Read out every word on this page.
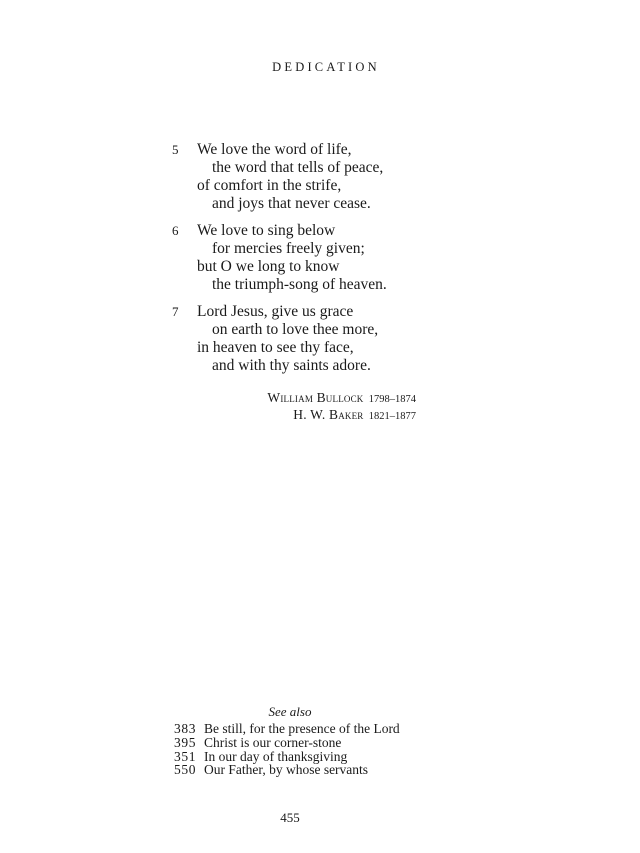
DEDICATION
5	We love the word of life,
the word that tells of peace,
of comfort in the strife,
and joys that never cease.
6	We love to sing below
for mercies freely given;
but O we long to know
the triumph-song of heaven.
7	Lord Jesus, give us grace
on earth to love thee more,
in heaven to see thy face,
and with thy saints adore.
William Bullock 1798–1874
H. W. Baker 1821–1877
See also
383 Be still, for the presence of the Lord
395 Christ is our corner-stone
351 In our day of thanksgiving
550 Our Father, by whose servants
455
